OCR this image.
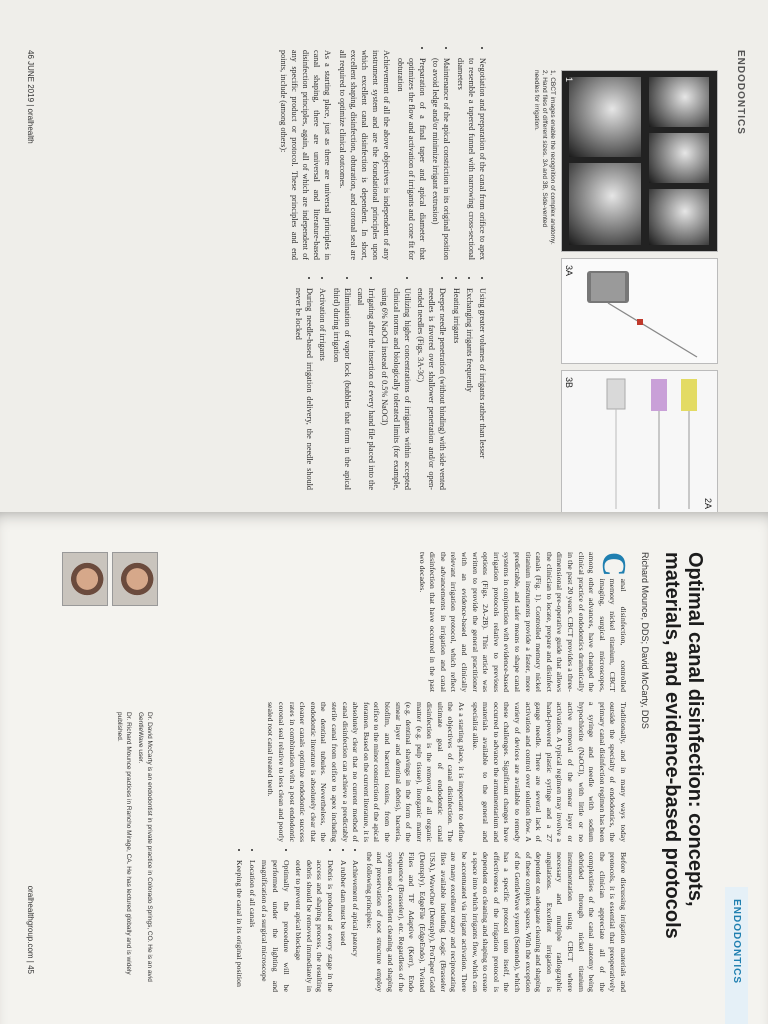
ENDODONTICS
1
3A
3B
2A
1, CBCT images enable the recognition of complex anatomy. 2, Hand files of different sizes. 3A and 3B, Side-vented needles for irrigation.
• Negotiation and preparation of the canal from orifice to apex to resemble a tapered funnel with narrowing cross-sectional diameters
• Maintenance of the apical constriction in its original position (to avoid ledge and/or minimize irrigant extrusion)
• Preparation of a final taper and apical diameter that optimizes the flow and activation of irrigants and cone fit for obturation

Achievement of all the above objectives is independent of any instrument system and are the foundational principles upon which excellent canal disinfection is dependent. In short, excellent shaping, disinfection, obturation, and coronal seal are all required to optimize clinical outcomes.

As a starting place, just as there are universal principles in canal shaping, there are universal and literature-based disinfection principles, again, all of which are independent of any specific product or protocol. These principles and end points, include (among others):

• Using greater volumes of irrigants rather than lesser
• Exchanging irrigants frequently
• Heating irrigants
• Deeper needle penetration (without binding) with side vented needles is favored over shallower penetration and/or open-ended needles (Figs. 3A-3C)
• Utilizing higher concentrations of irrigants within accepted clinical norms and biologically tolerated limits (for example, using 6% NaOCl instead of 0.5% NaOCl)
• Irrigating after the insertion of every hand file placed into the canal
• Elimination of vapor lock (bubbles that form in the apical third) during irrigation
• Activation of irrigants
• During needle-based irrigation delivery, the needle should never be locked
46 JUNE 2019 | oralhealth
ENDODONTICS
Optimal canal disinfection: concepts, materials, and evidence-based protocols
Richard Mounce, DDS; David McCarty, DDS

C
anal disinfection, controlled memory nickel titanium, CBCT imaging, surgical microscopes, among other advances, have changed the clinical practice of endodontics dramatically in the past 20 years. CBCT provides a three-dimensional pre-operative guide that allows the clinician to locate, prepare and disinfect canals (Fig. 1). Controlled memory nickel titanium instruments provide a faster, more predictable, and safer means to shape canal systems in conjunction with evidence-based irrigation protocols relative to previous options (Figs. 2A-2B). This article was written to provide the general practitioner with an evidence-based and clinically relevant irrigation protocol, which reflect the advancements in irrigation and canal disinfection that have occurred in the past two decades.

Traditionally, and in many ways today outside the specialty of endodontics, the primary canal disinfection regimen has been a syringe and needle with sodium hypochlorite (NaOCl), with little or no active removal of the smear layer or activation. A typical regimen may involve a hand-powered plastic syringe and a 27 gauge needle. There are several lack of activation and control over solution flow. A variety of devices are available to remedy these challenges. Significant changes have occurred to advance the armamentarium and materials available to the general and specialist alike.

As a starting place, it is important to define the objectives of canal disinfection. The ultimate goal of endodontic canal disinfection is the removal of all organic matter (e.g. pulp tissue), inorganic matter (e.g. dentinal shavings in the form of the smear layer and dentinal debris), bacteria, biofilm, and bacterial toxins, from the orifice to the minor constriction of the apical foramen. Based on the current literature, it is absolutely clear that no current method of canal disinfection can achieve a predictably sterile canal from orifice to apex including the dentinal tubules. Nevertheless, the endodontic literature is absolutely clear that cleaner canals optimize endodontic success rates in combination with a post endodontic coronal seal relative to less clean and poorly sealed root canal treated teeth.

Before discussing irrigation materials and protocols, it is essential that preoperatively the clinician appreciate all of the complexities of the canal anatomy being debrided through nickel titanium instrumentation using CBCT where necessary and multiple radiographic angulations. Excellent irrigation is dependent on adequate cleaning and shaping of these complex spaces. With the exception of the GentleWave system (Sonendo), which has a specific protocol unto itself, the effectiveness of the irrigation protocol is dependent on cleaning and shaping to create a space into which irrigants flow, which can be accentuated via irrigant activation. There are many excellent rotary and reciprocating files available including Logic (Brasseler USA), WaveOne (Dentsply), ProTaper Gold (Dentsply), EdgeFile (EdgeEndo), Twisted Files and TF Adaptive (Kerr), Endo Sequence (Brasseler), etc. Regardless of the system used, excellent cleaning and shaping and preservation of root structure employ the following principles:

• Achievement of apical patency
• A rubber dam must be used
• Debris is produced at every stage in the access and shaping process, the resulting debris should be removed immediately in order to prevent apical blockage
• Optimally the procedure will be performed under the lighting and magnification of a surgical microscope
• Location of all canals
• Keeping the canal in its original position

Dr. David McCarty is an endodontist in private practice in Colorado Springs, CO. He is an avid GentleWave user.

Dr. Richard Mounce practices in Rancho Mirage, CA. He has lectured globally and is widely published.

oralhealthgroup.com | 45
